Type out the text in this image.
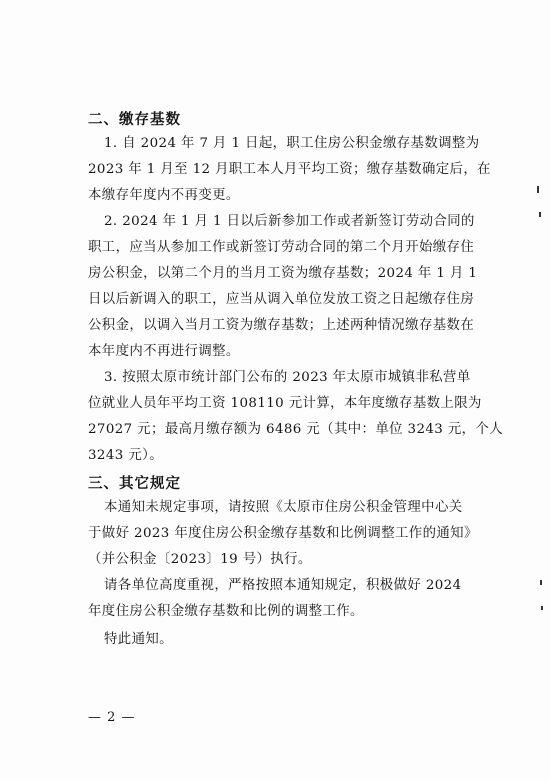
二、缴存基数
1. 自 2024 年 7 月 1 日起，职工住房公积金缴存基数调整为
2023 年 1 月至 12 月职工本人月平均工资；缴存基数确定后，在
本缴存年度内不再变更。
2. 2024 年 1 月 1 日以后新参加工作或者新签订劳动合同的
职工，应当从参加工作或新签订劳动合同的第二个月开始缴存住
房公积金，以第二个月的当月工资为缴存基数；2024 年 1 月 1
日以后新调入的职工，应当从调入单位发放工资之日起缴存住房
公积金，以调入当月工资为缴存基数；上述两种情况缴存基数在
本年度内不再进行调整。
3. 按照太原市统计部门公布的 2023 年太原市城镇非私营单
位就业人员年平均工资 108110 元计算，本年度缴存基数上限为
27027 元；最高月缴存额为 6486 元（其中：单位 3243 元，个人
3243 元）。
三、其它规定
本通知未规定事项，请按照《太原市住房公积金管理中心关
于做好 2023 年度住房公积金缴存基数和比例调整工作的通知》
（并公积金〔2023〕19 号）执行。
请各单位高度重视，严格按照本通知规定，积极做好 2024
年度住房公积金缴存基数和比例的调整工作。
特此通知。
— 2 —
